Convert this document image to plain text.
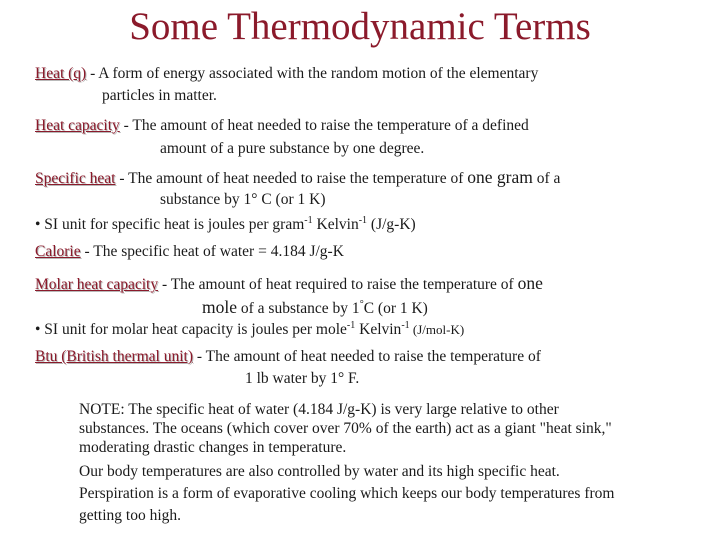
Some Thermodynamic Terms
Heat (q) - A form of energy associated with the random motion of the elementary
particles in matter.
Heat capacity - The amount of heat needed to raise the temperature of a defined
amount of a pure substance by one degree.
Specific heat - The amount of heat needed to raise the temperature of one gram of a
substance by 1° C (or 1 K)
• SI unit for specific heat is joules per gram$^{-1}$ Kelvin$^{-1}$ (J/g-K)
Calorie - The specific heat of water = 4.184 J/g-K
Molar heat capacity - The amount of heat required to raise the temperature of one
mole of a substance by 1°C (or 1 K)
• SI unit for molar heat capacity is joules per mole$^{-1}$ Kelvin$^{-1}$ (J/mol-K)
Btu (British thermal unit) - The amount of heat needed to raise the temperature of
1 lb water by 1° F.
NOTE: The specific heat of water (4.184 J/g-K) is very large relative to other
substances. The oceans (which cover over 70% of the earth) act as a giant "heat sink,"
moderating drastic changes in temperature.
Our body temperatures are also controlled by water and its high specific heat.
Perspiration is a form of evaporative cooling which keeps our body temperatures from
getting too high.
